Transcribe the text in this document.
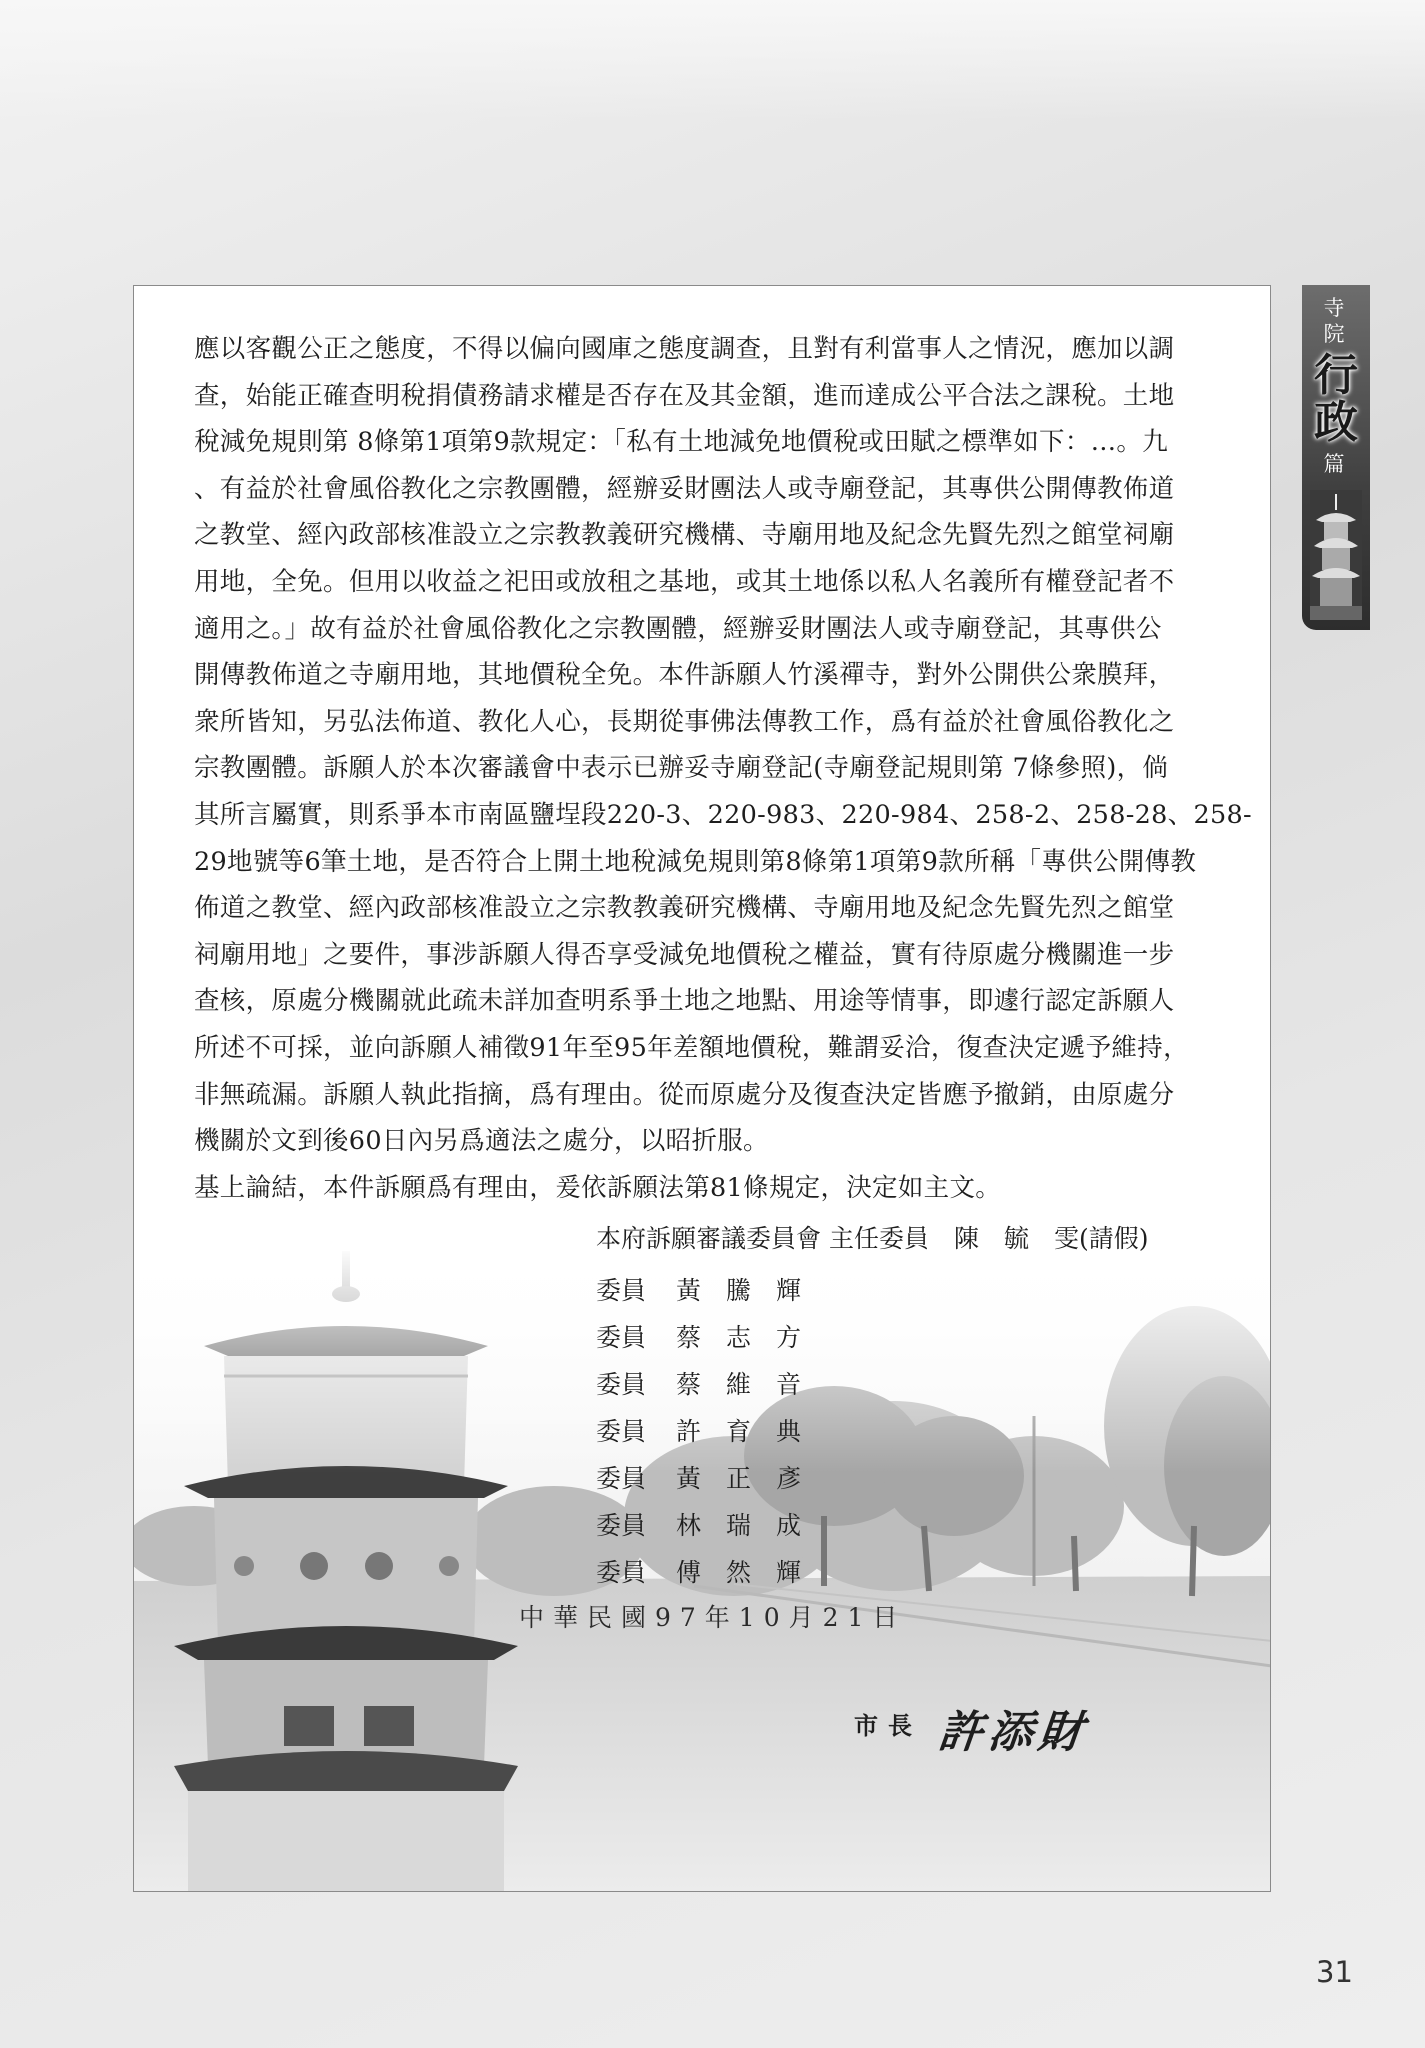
寺
院
行
政
篇
應以客觀公正之態度，不得以偏向國庫之態度調查，且對有利當事人之情況，應加以調
查，始能正確查明稅捐債務請求權是否存在及其金額，進而達成公平合法之課稅。土地
稅減免規則第 8條第1項第9款規定：「私有土地減免地價稅或田賦之標準如下：…。九
、有益於社會風俗教化之宗教團體，經辦妥財團法人或寺廟登記，其專供公開傳教佈道
之教堂、經內政部核准設立之宗教教義研究機構、寺廟用地及紀念先賢先烈之館堂祠廟
用地，全免。但用以收益之祀田或放租之基地，或其土地係以私人名義所有權登記者不
適用之。」故有益於社會風俗教化之宗教團體，經辦妥財團法人或寺廟登記，其專供公
開傳教佈道之寺廟用地，其地價稅全免。本件訴願人竹溪禪寺，對外公開供公衆膜拜，
衆所皆知，另弘法佈道、教化人心，長期從事佛法傳教工作，爲有益於社會風俗教化之
宗教團體。訴願人於本次審議會中表示已辦妥寺廟登記(寺廟登記規則第 7條參照)，倘
其所言屬實，則系爭本市南區鹽埕段220-3、220-983、220-984、258-2、258-28、258-
29地號等6筆土地，是否符合上開土地稅減免規則第8條第1項第9款所稱「專供公開傳教
佈道之教堂、經內政部核准設立之宗教教義研究機構、寺廟用地及紀念先賢先烈之館堂
祠廟用地」之要件，事涉訴願人得否享受減免地價稅之權益，實有待原處分機關進一步
查核，原處分機關就此疏未詳加查明系爭土地之地點、用途等情事，即遽行認定訴願人
所述不可採，並向訴願人補徵91年至95年差額地價稅，難謂妥洽，復查決定遞予維持，
非無疏漏。訴願人執此指摘，爲有理由。從而原處分及復查決定皆應予撤銷，由原處分
機關於文到後60日內另爲適法之處分，以昭折服。
基上論結，本件訴願爲有理由，爰依訴願法第81條規定，決定如主文。
本府訴願審議委員會 主任委員　陳　毓　雯(請假)
委員 黃騰輝
委員 蔡志方
委員 蔡維音
委員 許育典
委員 黃正彥
委員 林瑞成
委員 傅然輝
中華民國97年10月21日
市長 許添財
31
